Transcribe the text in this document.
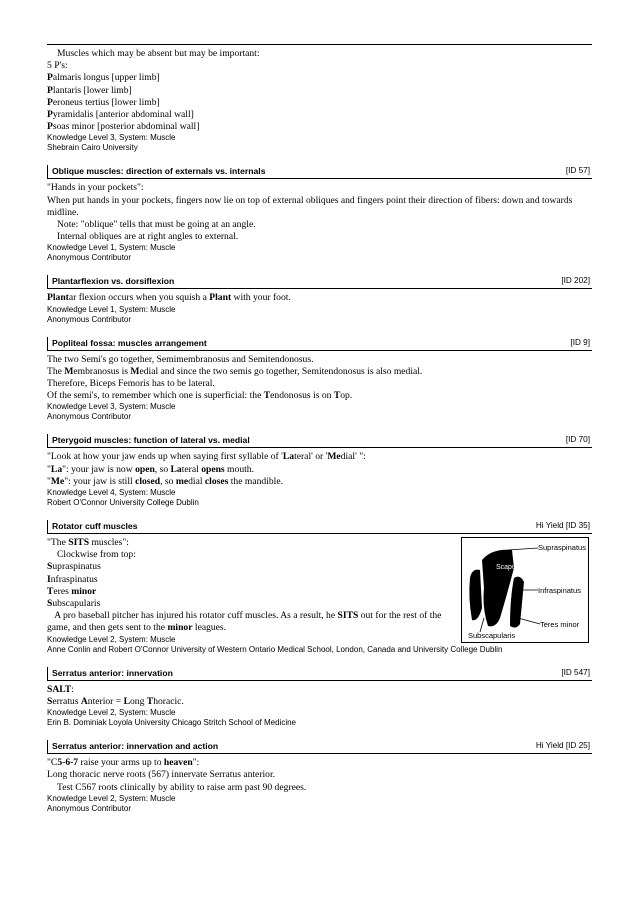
Muscles which may be absent but may be important:
5 P's:
Palmaris longus [upper limb]
Plantaris [lower limb]
Peroneus tertius [lower limb]
Pyramidalis [anterior abdominal wall]
Psoas minor [posterior abdominal wall]
Knowledge Level 3, System: Muscle
Shebrain Cairo University
Oblique muscles: direction of externals vs. internals	[ID 57]
"Hands in your pockets":
When put hands in your pockets, fingers now lie on top of external obliques and fingers point their direction of fibers: down and towards midline.
Note: "oblique" tells that must be going at an angle.
Internal obliques are at right angles to external.
Knowledge Level 1, System: Muscle
Anonymous Contributor
Plantarflexion vs. dorsiflexion	[ID 202]
Plantar flexion occurs when you squish a Plant with your foot.
Knowledge Level 1, System: Muscle
Anonymous Contributor
Popliteal fossa: muscles arrangement	[ID 9]
The two Semi's go together, Semimembranosus and Semitendonosus.
The Membranosus is Medial and since the two semis go together, Semitendonosus is also medial.
Therefore, Biceps Femoris has to be lateral.
Of the semi's, to remember which one is superficial: the Tendonosus is on Top.
Knowledge Level 3, System: Muscle
Anonymous Contributor
Pterygoid muscles: function of lateral vs. medial	[ID 70]
"Look at how your jaw ends up when saying first syllable of 'Lateral' or 'Medial' ":
"La": your jaw is now open, so Lateral opens mouth.
"Me": your jaw is still closed, so medial closes the mandible.
Knowledge Level 4, System: Muscle
Robert O'Connor University College Dublin
Rotator cuff muscles	Hi Yield [ID 35]
"The SITS muscles":
Clockwise from top:
Supraspinatus
Infraspinatus
Teres minor
Subscapularis
A pro baseball pitcher has injured his rotator cuff muscles. As a result, he SITS out for the rest of the game, and then gets sent to the minor leagues.
Supraspinatus
Scapula
Infraspinatus
Teres minor
Subscapularis
Knowledge Level 2, System: Muscle
Anne Conlin and Robert O'Connor University of Western Ontario Medical School, London, Canada and University College Dublin
Serratus anterior: innervation	[ID 547]
SALT:
Serratus Anterior = Long Thoracic.
Knowledge Level 2, System: Muscle
Erin B. Dominiak Loyola University Chicago Stritch School of Medicine
Serratus anterior: innervation and action	Hi Yield [ID 25]
"C5-6-7 raise your arms up to heaven":
Long thoracic nerve roots (567) innervate Serratus anterior.
Test C567 roots clinically by ability to raise arm past 90 degrees.
Knowledge Level 2, System: Muscle
Anonymous Contributor
